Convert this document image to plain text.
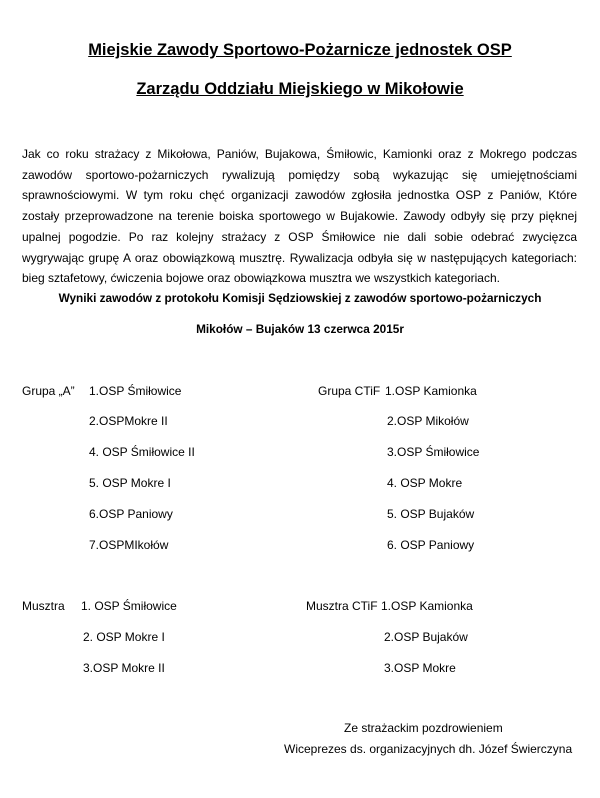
Miejskie Zawody Sportowo-Pożarnicze jednostek OSP
Zarządu Oddziału Miejskiego w Mikołowie

Jak co roku strażacy z Mikołowa, Paniów, Bujakowa, Śmiłowic, Kamionki oraz z Mokrego podczas zawodów sportowo-pożarniczych rywalizują pomiędzy sobą wykazując się umiejętnościami sprawnościowymi. W tym roku chęć organizacji zawodów zgłosiła jednostka OSP z Paniów, Które zostały przeprowadzone na terenie boiska sportowego w Bujakowie. Zawody odbyły się przy pięknej upalnej pogodzie. Po raz kolejny strażacy z OSP Śmiłowice nie dali sobie odebrać zwycięzca wygrywając grupę A oraz obowiązkową musztrę. Rywalizacja odbyła się w następujących kategoriach: bieg sztafetowy, ćwiczenia bojowe oraz obowiązkowa musztra we wszystkich kategoriach.

Wyniki zawodów z protokołu Komisji Sędziowskiej z zawodów sportowo-pożarniczych
Mikołów – Bujaków 13 czerwca 2015r
Grupa „A” 1.OSP Śmiłowice
2.OSPMokre II
4. OSP Śmiłowice II
5. OSP Mokre I
6.OSP Paniowy
7.OSPMIkołów
Grupa CTiF 1.OSP Kamionka
2.OSP Mikołów
3.OSP Śmiłowice
4. OSP Mokre
5. OSP Bujaków
6. OSP Paniowy
Musztra 1. OSP Śmiłowice
2. OSP Mokre I
3.OSP Mokre II
Musztra CTiF 1.OSP Kamionka
2.OSP Bujaków
3.OSP Mokre
Ze strażackim pozdrowieniem
Wiceprezes ds. organizacyjnych dh. Józef Świerczyna
